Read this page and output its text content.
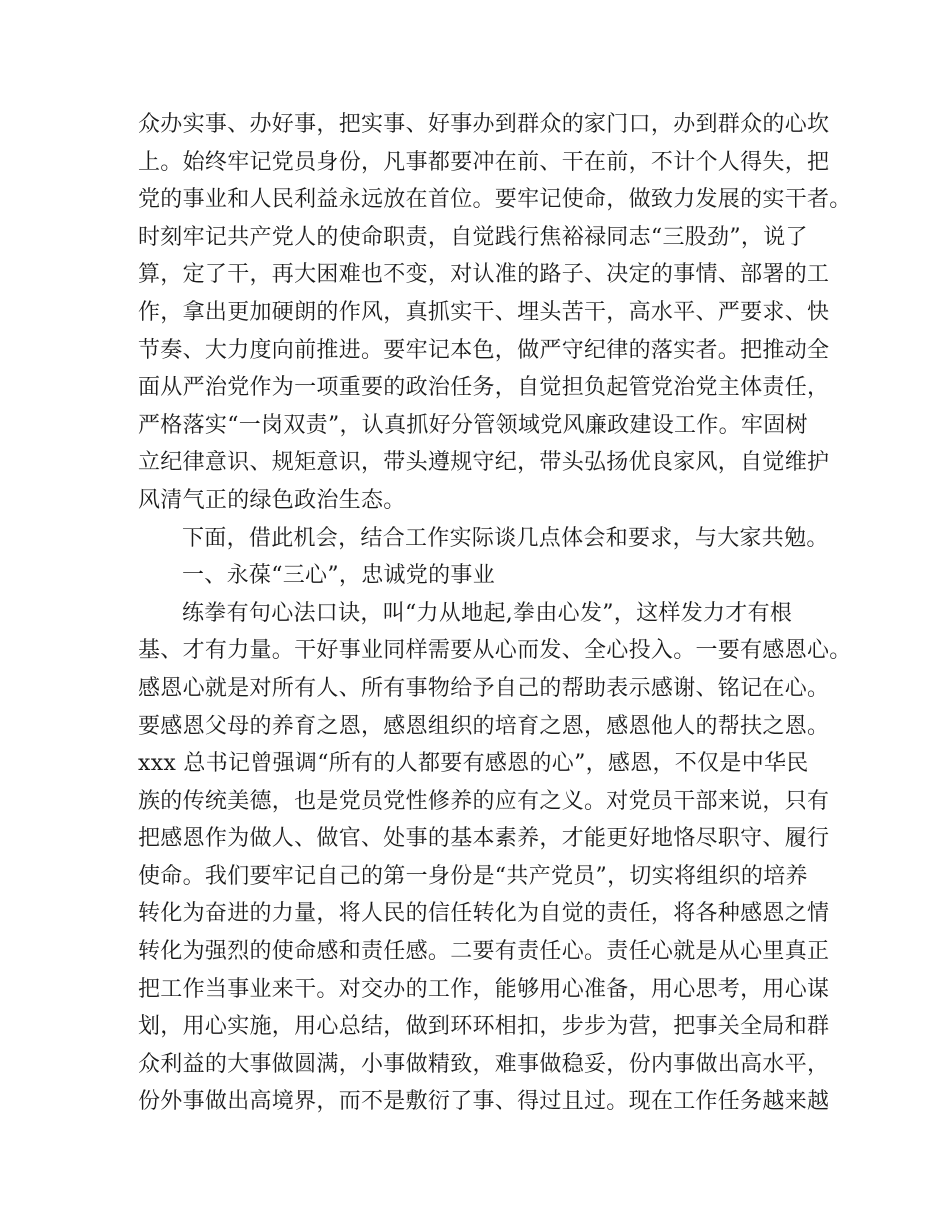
众办实事、办好事，把实事、好事办到群众的家门口，办到群众的心坎
上。始终牢记党员身份，凡事都要冲在前、干在前，不计个人得失，把
党的事业和人民利益永远放在首位。要牢记使命，做致力发展的实干者。
时刻牢记共产党人的使命职责，自觉践行焦裕禄同志“三股劲”，说了
算，定了干，再大困难也不变，对认准的路子、决定的事情、部署的工
作，拿出更加硬朗的作风，真抓实干、埋头苦干，高水平、严要求、快
节奏、大力度向前推进。要牢记本色，做严守纪律的落实者。把推动全
面从严治党作为一项重要的政治任务，自觉担负起管党治党主体责任，
严格落实“一岗双责”，认真抓好分管领域党风廉政建设工作。牢固树
立纪律意识、规矩意识，带头遵规守纪，带头弘扬优良家风，自觉维护
风清气正的绿色政治生态。
下面，借此机会，结合工作实际谈几点体会和要求，与大家共勉。
一、永葆“三心”，忠诚党的事业
练拳有句心法口诀，叫“力从地起,拳由心发”，这样发力才有根
基、才有力量。干好事业同样需要从心而发、全心投入。一要有感恩心。
感恩心就是对所有人、所有事物给予自己的帮助表示感谢、铭记在心。
要感恩父母的养育之恩，感恩组织的培育之恩，感恩他人的帮扶之恩。
xxx 总书记曾强调“所有的人都要有感恩的心”，感恩，不仅是中华民
族的传统美德，也是党员党性修养的应有之义。对党员干部来说，只有
把感恩作为做人、做官、处事的基本素养，才能更好地恪尽职守、履行
使命。我们要牢记自己的第一身份是“共产党员”，切实将组织的培养
转化为奋进的力量，将人民的信任转化为自觉的责任，将各种感恩之情
转化为强烈的使命感和责任感。二要有责任心。责任心就是从心里真正
把工作当事业来干。对交办的工作，能够用心准备，用心思考，用心谋
划，用心实施，用心总结，做到环环相扣，步步为营，把事关全局和群
众利益的大事做圆满，小事做精致，难事做稳妥，份内事做出高水平，
份外事做出高境界，而不是敷衍了事、得过且过。现在工作任务越来越
